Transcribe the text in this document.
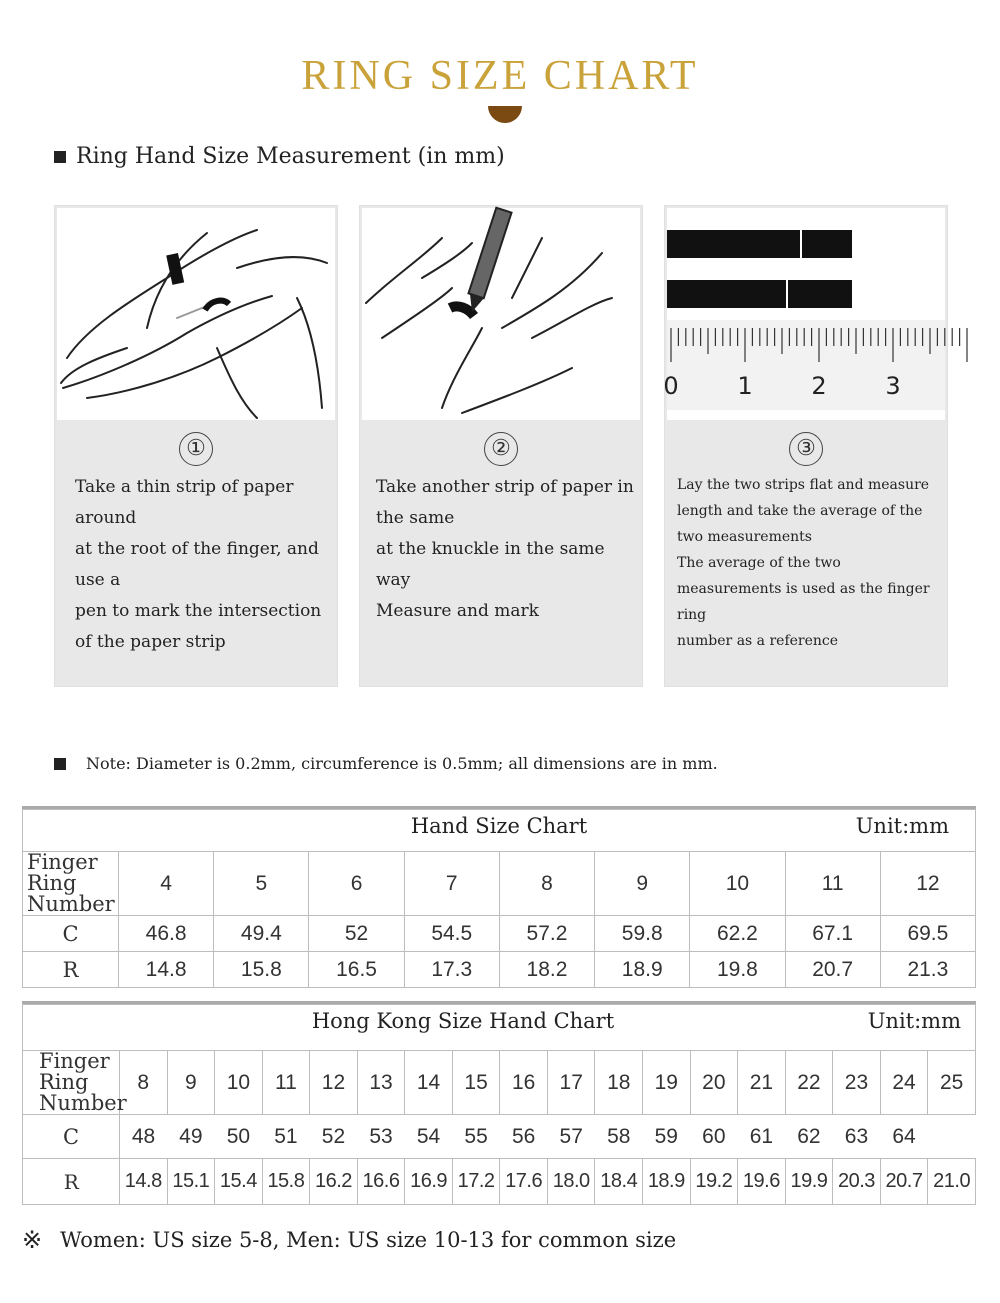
RING SIZE CHART
Ring Hand Size Measurement (in mm)
①
Take a thin strip of paper
around
at the root of the finger, and
use a
pen to mark the intersection
of the paper strip
②
Take another strip of paper in
the same
at the knuckle in the same
way
Measure and mark
0 1 2 3
③
Lay the two strips flat and measure
length and take the average of the
two measurements
The average of the two
measurements is used as the finger
ring
number as a reference
Note: Diameter is 0.2mm, circumference is 0.5mm; all dimensions are in mm.
Hand Size Chart	Unit:mm
Finger Ring
Number	4	5	6	7	8	9	10	11	12
C	46.8	49.4	52	54.5	57.2	59.8	62.2	67.1	69.5
R	14.8	15.8	16.5	17.3	18.2	18.9	19.8	20.7	21.3
Hong Kong Size Hand Chart	Unit:mm
Finger Ring
Number	8	9	10	11	12	13	14	15	16	17	18	19	20	21	22	23	24	25
C	48	49	50	51	52	53	54	55	56	57	58	59	60	61	62	63	64	
R	14.8	15.1	15.4	15.8	16.2	16.6	16.9	17.2	17.6	18.0	18.4	18.9	19.2	19.6	19.9	20.3	20.7	21.0
※ Women: US size 5-8, Men: US size 10-13 for common size
